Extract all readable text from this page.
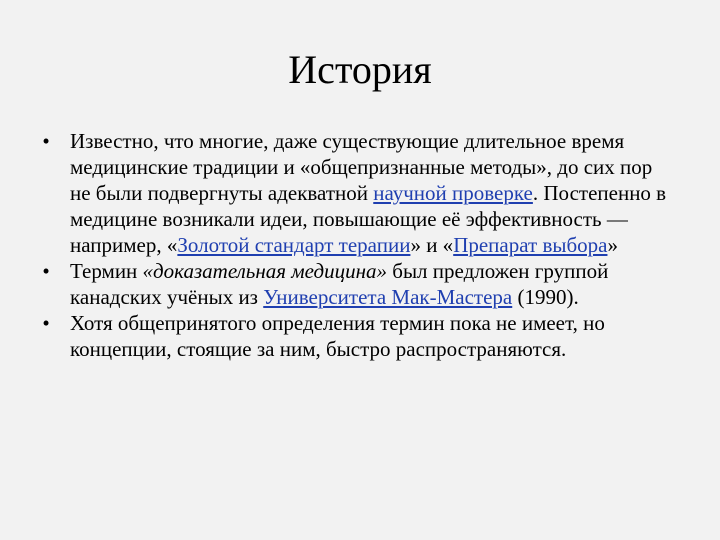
История
• Известно, что многие, даже существующие длительное время медицинские традиции и «общепризнанные методы», до сих пор не были подвергнуты адекватной научной проверке. Постепенно в медицине возникали идеи, повышающие её эффективность — например, «Золотой стандарт терапии» и «Препарат выбора»
• Термин «доказательная медицина» был предложен группой канадских учёных из Университета Мак-Мастера (1990).
• Хотя общепринятого определения термин пока не имеет, но концепции, стоящие за ним, быстро распространяются.
